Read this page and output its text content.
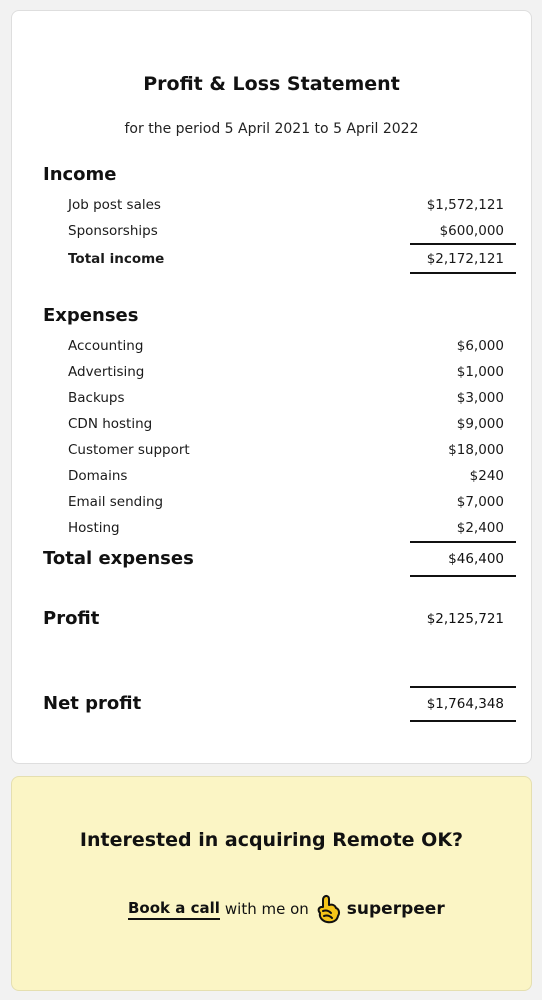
Profit & Loss Statement
for the period 5 April 2021 to 5 April 2022
Income
Job post sales	$1,572,121
Sponsorships	$600,000
Total income	$2,172,121
Expenses
Accounting	$6,000
Advertising	$1,000
Backups	$3,000
CDN hosting	$9,000
Customer support	$18,000
Domains	$240
Email sending	$7,000
Hosting	$2,400
Total expenses	$46,400
Profit	$2,125,721
Net profit	$1,764,348
Interested in acquiring Remote OK?
Book a call with me on superpeer
